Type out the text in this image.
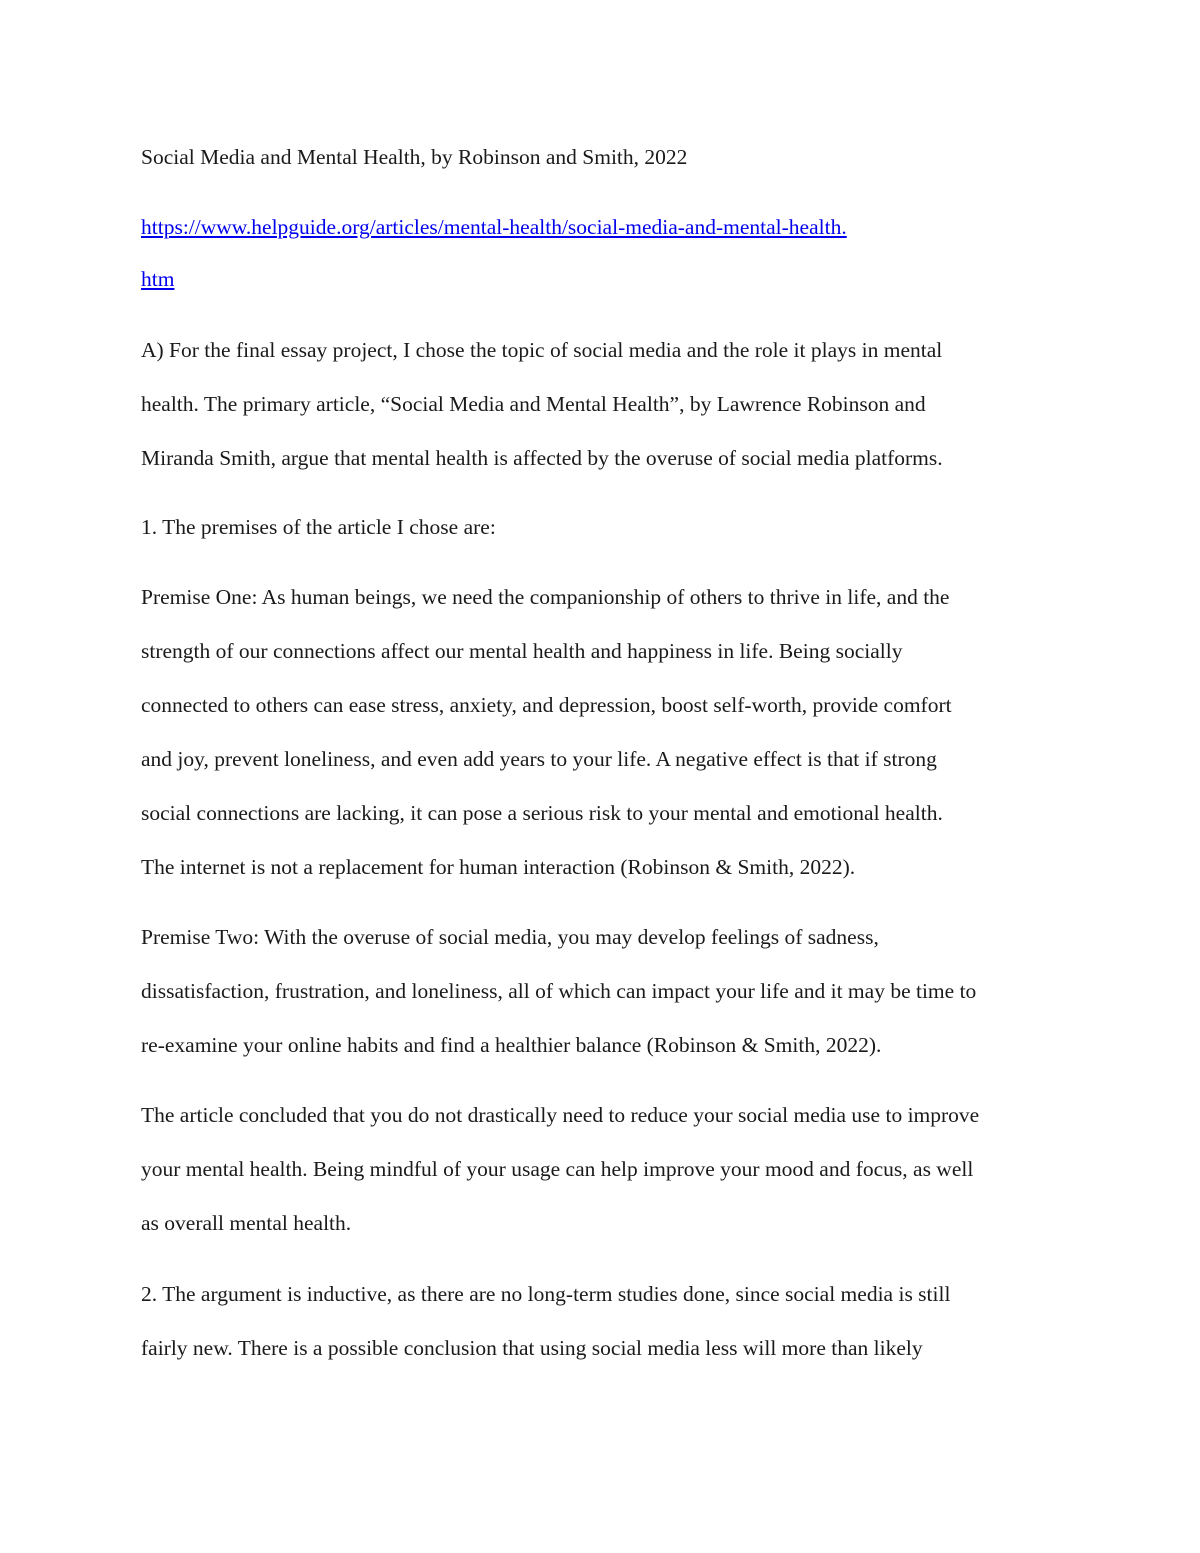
Social Media and Mental Health, by Robinson and Smith, 2022
https://www.helpguide.org/articles/mental-health/social-media-and-mental-health.
htm
A) For the final essay project, I chose the topic of social media and the role it plays in mental
health. The primary article, “Social Media and Mental Health”, by Lawrence Robinson and
Miranda Smith, argue that mental health is affected by the overuse of social media platforms.
1. The premises of the article I chose are:
Premise One: As human beings, we need the companionship of others to thrive in life, and the
strength of our connections affect our mental health and happiness in life. Being socially
connected to others can ease stress, anxiety, and depression, boost self-worth, provide comfort
and joy, prevent loneliness, and even add years to your life. A negative effect is that if strong
social connections are lacking, it can pose a serious risk to your mental and emotional health.
The internet is not a replacement for human interaction (Robinson & Smith, 2022).
Premise Two: With the overuse of social media, you may develop feelings of sadness,
dissatisfaction, frustration, and loneliness, all of which can impact your life and it may be time to
re-examine your online habits and find a healthier balance (Robinson & Smith, 2022).
The article concluded that you do not drastically need to reduce your social media use to improve
your mental health. Being mindful of your usage can help improve your mood and focus, as well
as overall mental health.
2. The argument is inductive, as there are no long-term studies done, since social media is still
fairly new. There is a possible conclusion that using social media less will more than likely
